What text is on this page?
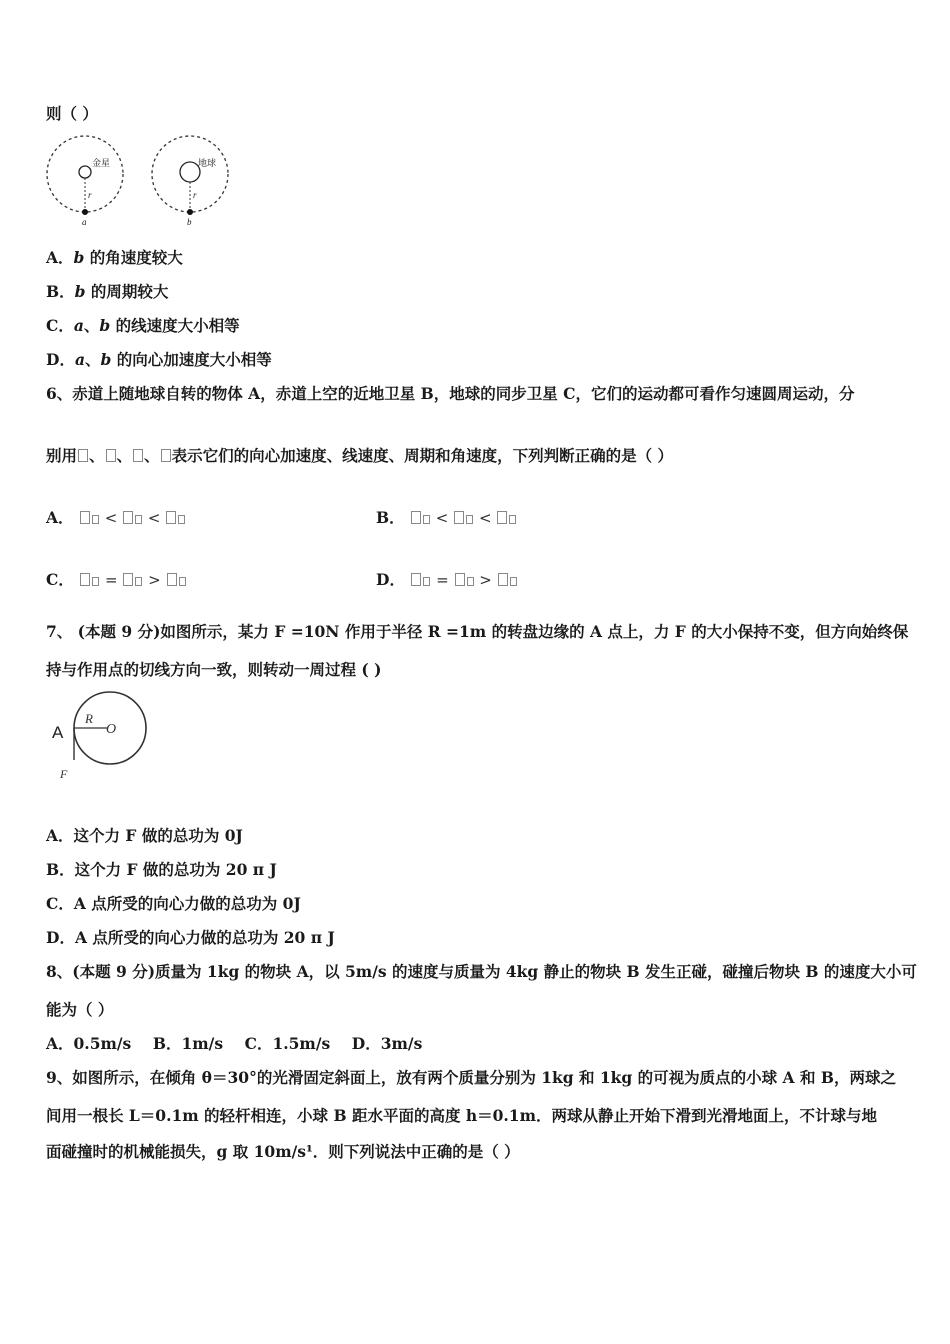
则（ ）
金星
r
a
地球
r
b
A．b 的角速度较大
B．b 的周期较大
C．a、b 的线速度大小相等
D．a、b 的向心加速度大小相等
6、赤道上随地球自转的物体 A，赤道上空的近地卫星 B，地球的同步卫星 C，它们的运动都可看作匀速圆周运动，分
别用 、 、 、 表示它们的向心加速度、线速度、周期和角速度，下列判断正确的是（ ）
A． < <	B． < <
C． = >	D． = >
7、 (本题 9 分)如图所示，某力 F =10N 作用于半径 R =1m 的转盘边缘的 A 点上，力 F 的大小保持不变，但方向始终保
持与作用点的切线方向一致，则转动一周过程 ( )
A
R
O
F
A．这个力 F 做的总功为 0J
B．这个力 F 做的总功为 20 π J
C．A 点所受的向心力做的总功为 0J
D．A 点所受的向心力做的总功为 20 π J
8、(本题 9 分)质量为 1kg 的物块 A，以 5m/s 的速度与质量为 4kg 静止的物块 B 发生正碰，碰撞后物块 B 的速度大小可
能为（ ）
A．0.5m/s    B．1m/s    C．1.5m/s    D．3m/s
9、如图所示，在倾角 θ＝30°的光滑固定斜面上，放有两个质量分别为 1kg 和 1kg 的可视为质点的小球 A 和 B，两球之
间用一根长 L＝0.1m 的轻杆相连，小球 B 距水平面的高度 h＝0.1m．两球从静止开始下滑到光滑地面上，不计球与地
面碰撞时的机械能损失，g 取 10m/s¹．则下列说法中正确的是（ ）
